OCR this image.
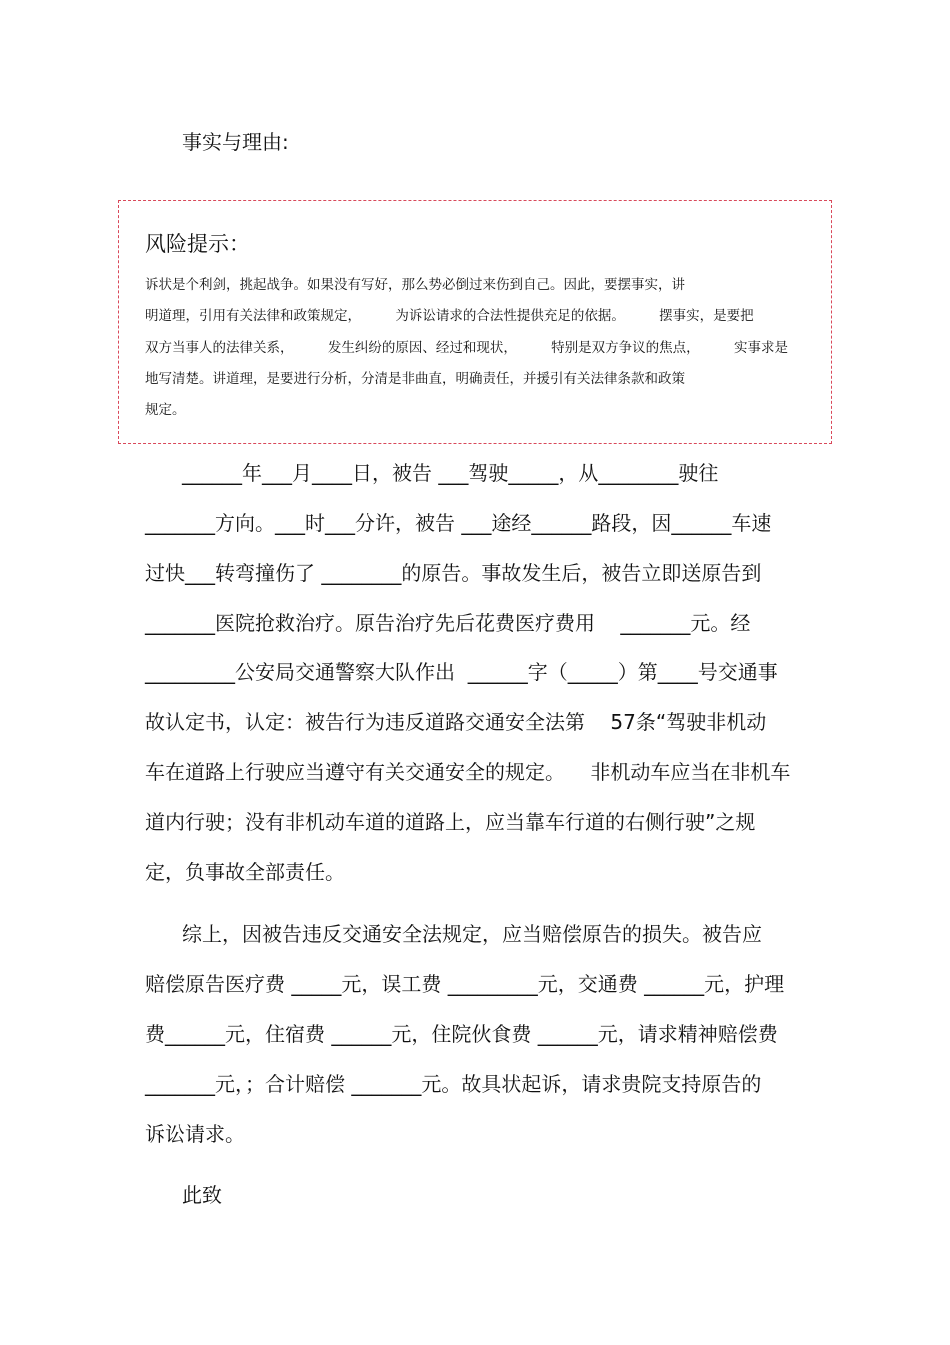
事实与理由:
风险提示：
诉状是个利剑，挑起战争。如果没有写好，那么势必倒过来伤到自己。因此，要摆事实，讲
明道理，引用有关法律和政策规定，        为诉讼请求的合法性提供充足的依据。        摆事实，是要把
双方当事人的法律关系，        发生纠纷的原因、经过和现状，        特别是双方争议的焦点，        实事求是
地写清楚。讲道理，是要进行分析，分清是非曲直，明确责任，并援引有关法律条款和政策
规定。
______年___月____日，被告 ___驾驶_____，从________驶往
_______方向。___时___分许，被告 ___途经______路段，因______车速
过快___转弯撞伤了 ________的原告。事故发生后，被告立即送原告到
_______医院抢救治疗。原告治疗先后花费医疗费用    _______元。经
_________公安局交通警察大队作出  ______字（_____）第____号交通事
故认定书，认定：被告行为违反道路交通安全法第    57条“驾驶非机动
车在道路上行驶应当遵守有关交通安全的规定。    非机动车应当在非机车
道内行驶；没有非机动车道的道路上，应当靠车行道的右侧行驶”之规
定，负事故全部责任。
综上，因被告违反交通安全法规定，应当赔偿原告的损失。被告应
赔偿原告医疗费 _____元，误工费 _________元，交通费 ______元，护理
费______元，住宿费 ______元，住院伙食费 ______元，请求精神赔偿费
_______元，；合计赔偿 _______元。故具状起诉，请求贵院支持原告的
诉讼请求。
此致
